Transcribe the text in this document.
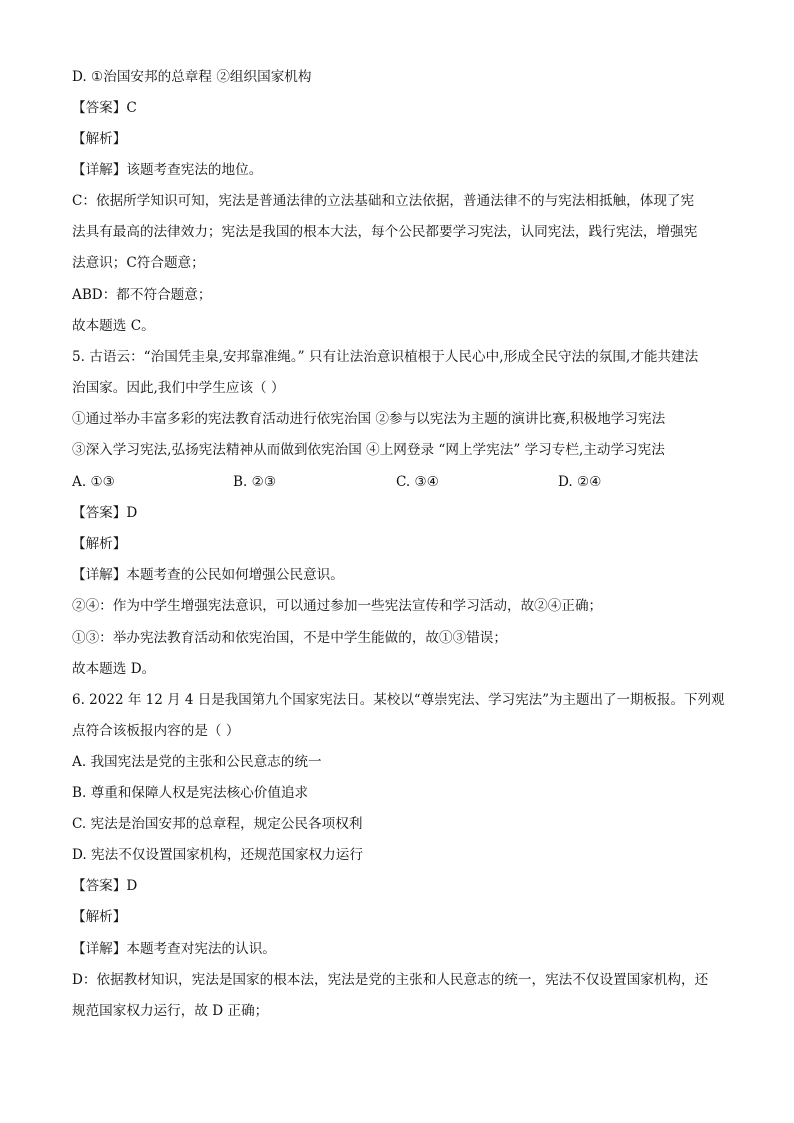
D. ①治国安邦的总章程 ②组织国家机构
【答案】C
【解析】
【详解】该题考查宪法的地位。
C：依据所学知识可知，宪法是普通法律的立法基础和立法依据，普通法律不的与宪法相抵触，体现了宪
法具有最高的法律效力；宪法是我国的根本大法，每个公民都要学习宪法，认同宪法，践行宪法，增强宪
法意识；C符合题意；
ABD：都不符合题意；
故本题选 C。
5. 古语云：“治国凭圭臬,安邦靠准绳。” 只有让法治意识植根于人民心中,形成全民守法的氛围,才能共建法
治国家。因此,我们中学生应该（ ）
①通过举办丰富多彩的宪法教育活动进行依宪治国 ②参与以宪法为主题的演讲比赛,积极地学习宪法
③深入学习宪法,弘扬宪法精神从而做到依宪治国 ④上网登录 “网上学宪法” 学习专栏,主动学习宪法
A. ①③	B. ②③	C. ③④	D. ②④
【答案】D
【解析】
【详解】本题考查的公民如何增强公民意识。
②④：作为中学生增强宪法意识，可以通过参加一些宪法宣传和学习活动，故②④正确；
①③：举办宪法教育活动和依宪治国，不是中学生能做的，故①③错误；
故本题选 D。
6. 2022 年 12 月 4 日是我国第九个国家宪法日。某校以“尊崇宪法、学习宪法”为主题出了一期板报。下列观
点符合该板报内容的是（ ）
A. 我国宪法是党的主张和公民意志的统一
B. 尊重和保障人权是宪法核心价值追求
C. 宪法是治国安邦的总章程，规定公民各项权利
D. 宪法不仅设置国家机构，还规范国家权力运行
【答案】D
【解析】
【详解】本题考查对宪法的认识。
D：依据教材知识，宪法是国家的根本法，宪法是党的主张和人民意志的统一，宪法不仅设置国家机构，还
规范国家权力运行，故 D 正确；
